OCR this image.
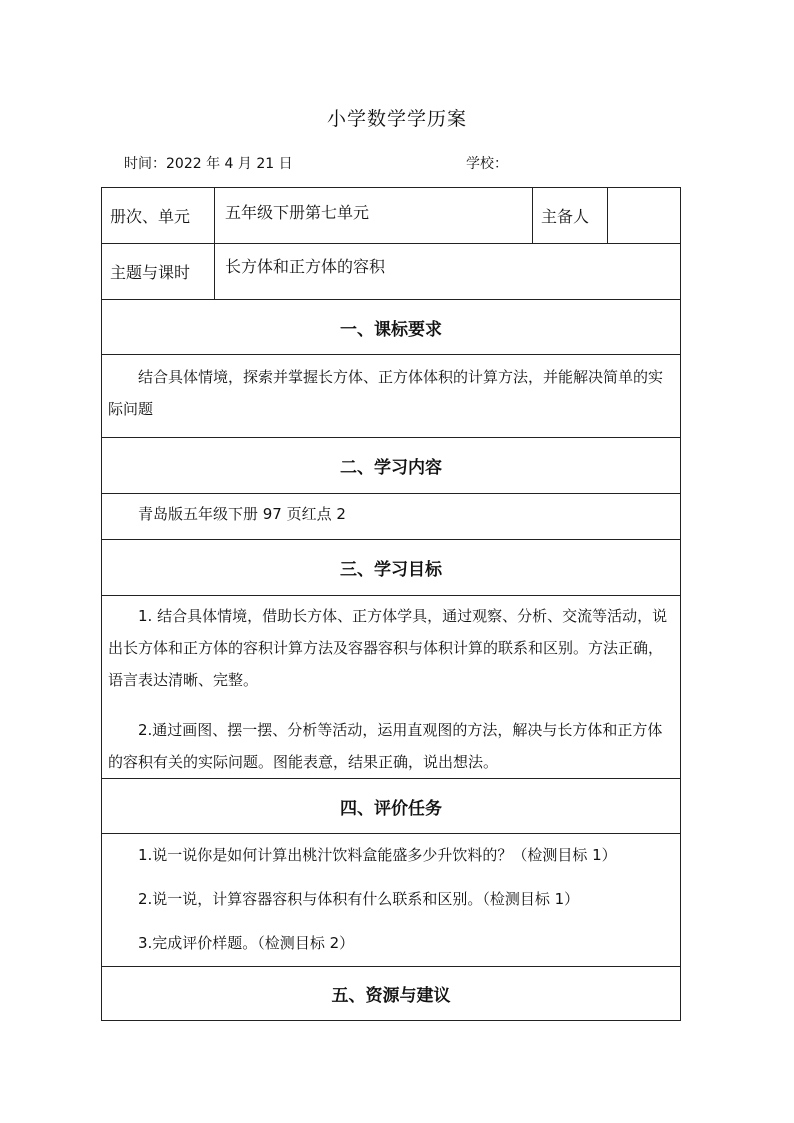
小学数学学历案
时间：2022 年 4 月 21 日	学校：
册次、单元	五年级下册第七单元	主备人
主题与课时	长方体和正方体的容积
一、课标要求

结合具体情境，探索并掌握长方体、正方体体积的计算方法，并能解决简单的实际问题

二、学习内容

青岛版五年级下册 97 页红点 2

三、学习目标

1. 结合具体情境，借助长方体、正方体学具，通过观察、分析、交流等活动，说出长方体和正方体的容积计算方法及容器容积与体积计算的联系和区别。方法正确，语言表达清晰、完整。

2.通过画图、摆一摆、分析等活动，运用直观图的方法，解决与长方体和正方体的容积有关的实际问题。图能表意，结果正确，说出想法。

四、评价任务
1.说一说你是如何计算出桃汁饮料盒能盛多少升饮料的？（检测目标 1）
2.说一说，计算容器容积与体积有什么联系和区别。（检测目标 1）
3.完成评价样题。（检测目标 2）
五、资源与建议
